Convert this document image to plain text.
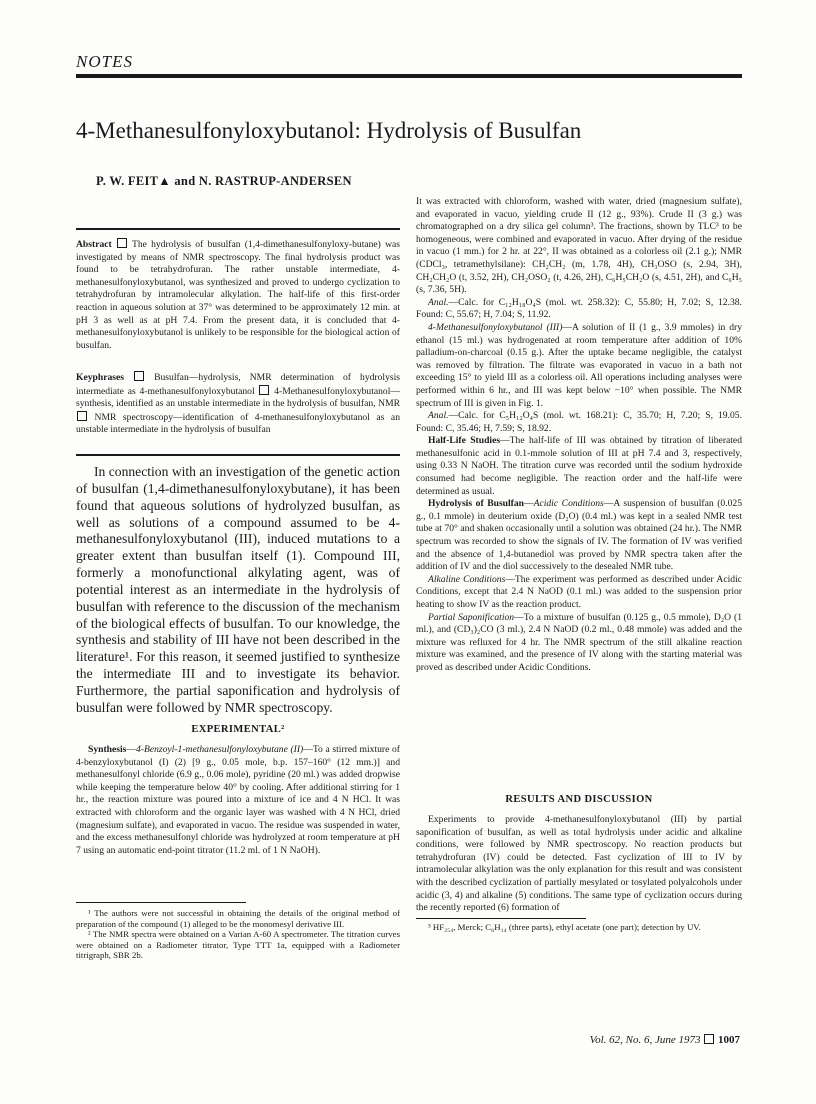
NOTES
4-Methanesulfonyloxybutanol: Hydrolysis of Busulfan
P. W. FEIT▲ and N. RASTRUP-ANDERSEN

Abstract The hydrolysis of busulfan (1,4-dimethanesulfonyloxy-butane) was investigated by means of NMR spectroscopy. The final hydrolysis product was found to be tetrahydrofuran. The rather unstable intermediate, 4-methanesulfonyloxybutanol, was synthesized and proved to undergo cyclization to tetrahydrofuran by intramolecular alkylation. The half-life of this first-order reaction in aqueous solution at 37° was determined to be approximately 12 min. at pH 3 as well as at pH 7.4. From the present data, it is concluded that 4-methanesulfonyloxybutanol is unlikely to be responsible for the biological action of busulfan.

Keyphrases	Busulfan—hydrolysis, NMR determination of hydrolysis intermediate as 4-methanesulfonyloxybutanol 4-Methanesulfonyloxybutanol—synthesis, identified as an unstable intermediate in the hydrolysis of busulfan, NMR  NMR spectroscopy—identification of 4-methanesulfonyloxybutanol as an unstable intermediate in the hydrolysis of busulfan

In connection with an investigation of the genetic action of busulfan (1,4-dimethanesulfonyloxybutane), it has been found that aqueous solutions of hydrolyzed busulfan, as well as solutions of a compound assumed to be 4-methanesulfonyloxybutanol (III), induced mutations to a greater extent than busulfan itself (1). Compound III, formerly a monofunctional alkylating agent, was of potential interest as an intermediate in the hydrolysis of busulfan with reference to the discussion of the mechanism of the biological effects of busulfan. To our knowledge, the synthesis and stability of III have not been described in the literature¹. For this reason, it seemed justified to synthesize the intermediate III and to investigate its behavior. Furthermore, the partial saponification and hydrolysis of busulfan were followed by NMR spectroscopy.

EXPERIMENTAL²

Synthesis—4-Benzoyl-1-methanesulfonyloxybutane (II)—To a stirred mixture of 4-benzyloxybutanol (I) (2) [9 g., 0.05 mole, b.p. 157–160° (12 mm.)] and methanesulfonyl chloride (6.9 g., 0.06 mole), pyridine (20 ml.) was added dropwise while keeping the temperature below 40° by cooling. After additional stirring for 1 hr., the reaction mixture was poured into a mixture of ice and 4 N HCl. It was extracted with chloroform and the organic layer was washed with 4 N HCl, dried (magnesium sulfate), and evaporated in vacuo. The residue was suspended in water, and the excess methanesulfonyl chloride was hydrolyzed at room temperature at pH 7 using an automatic end-point titrator (11.2 ml. of 1 N NaOH).

¹ The authors were not successful in obtaining the details of the original method of preparation of the compound (1) alleged to be the monomesyl derivative III.

² The NMR spectra were obtained on a Varian A-60 A spectrometer. The titration curves were obtained on a Radiometer titrator, Type TTT 1a, equipped with a Radiometer titrigraph, SBR 2b.

It was extracted with chloroform, washed with water, dried (magnesium sulfate), and evaporated in vacuo, yielding crude II (12 g., 93%). Crude II (3 g.) was chromatographed on a dry silica gel column³. The fractions, shown by TLC³ to be homogeneous, were combined and evaporated in vacuo. After drying of the residue in vacuo (1 mm.) for 2 hr. at 22°, II was obtained as a colorless oil (2.1 g.); NMR (CDCl₃, tetramethylsilane): CH₂CH₂ (m, 1.78, 4H), CH₃OSO (s, 2.94, 3H), CH₂CH₂O (t, 3.52, 2H), CH₂OSO₂ (t, 4.26, 2H), C₆H₅CH₂O (s, 4.51, 2H), and C₆H₅ (s, 7.36, 5H).

Anal.—Calc. for C₁₂H₁₈O₄S (mol. wt. 258.32): C, 55.80; H, 7.02; S, 12.38. Found: C, 55.67; H, 7.04; S, 11.92.

4-Methanesulfonyloxybutanol (III)—A solution of II (1 g., 3.9 mmoles) in dry ethanol (15 ml.) was hydrogenated at room temperature after addition of 10% palladium-on-charcoal (0.15 g.). After the uptake became negligible, the catalyst was removed by filtration. The filtrate was evaporated in vacuo in a bath not exceeding 15° to yield III as a colorless oil. All operations including analyses were performed within 6 hr., and III was kept below −10° when possible. The NMR spectrum of III is given in Fig. 1.

Anal.—Calc. for C₅H₁₂O₄S (mol. wt. 168.21): C, 35.70; H, 7.20; S, 19.05. Found: C, 35.46; H, 7.59; S, 18.92.

Half-Life Studies—The half-life of III was obtained by titration of liberated methanesulfonic acid in 0.1-mmole solution of III at pH 7.4 and 3, respectively, using 0.33 N NaOH. The titration curve was recorded until the sodium hydroxide consumed had become negligible. The reaction order and the half-life were determined as usual.

Hydrolysis of Busulfan—Acidic Conditions—A suspension of busulfan (0.025 g., 0.1 mmole) in deuterium oxide (D₂O) (0.4 ml.) was kept in a sealed NMR test tube at 70° and shaken occasionally until a solution was obtained (24 hr.). The NMR spectrum was recorded to show the signals of IV. The formation of IV was verified and the absence of 1,4-butanediol was proved by NMR spectra taken after the addition of IV and the diol successively to the desealed NMR tube.

Alkaline Conditions—The experiment was performed as described under Acidic Conditions, except that 2.4 N NaOD (0.1 ml.) was added to the suspension prior heating to show IV as the reaction product.

Partial Saponification—To a mixture of busulfan (0.125 g., 0.5 mmole), D₂O (1 ml.), and (CD₃)₂CO (3 ml.), 2.4 N NaOD (0.2 ml., 0.48 mmole) was added and the mixture was refluxed for 4 hr. The NMR spectrum of the still alkaline reaction mixture was examined, and the presence of IV along with the starting material was proved as described under Acidic Conditions.

RESULTS AND DISCUSSION

Experiments to provide 4-methanesulfonyloxybutanol (III) by partial saponification of busulfan, as well as total hydrolysis under acidic and alkaline conditions, were followed by NMR spectroscopy. No reaction products but tetrahydrofuran (IV) could be detected. Fast cyclization of III to IV by intramolecular alkylation was the only explanation for this result and was consistent with the described cyclization of partially mesylated or tosylated polyalcohols under acidic (3, 4) and alkaline (5) conditions. The same type of cyclization occurs during the recently reported (6) formation of

³ HF₂₅₄, Merck; C₆H₁₄ (three parts), ethyl acetate (one part); detection by UV.

Vol. 62, No. 6, June 1973 1007
